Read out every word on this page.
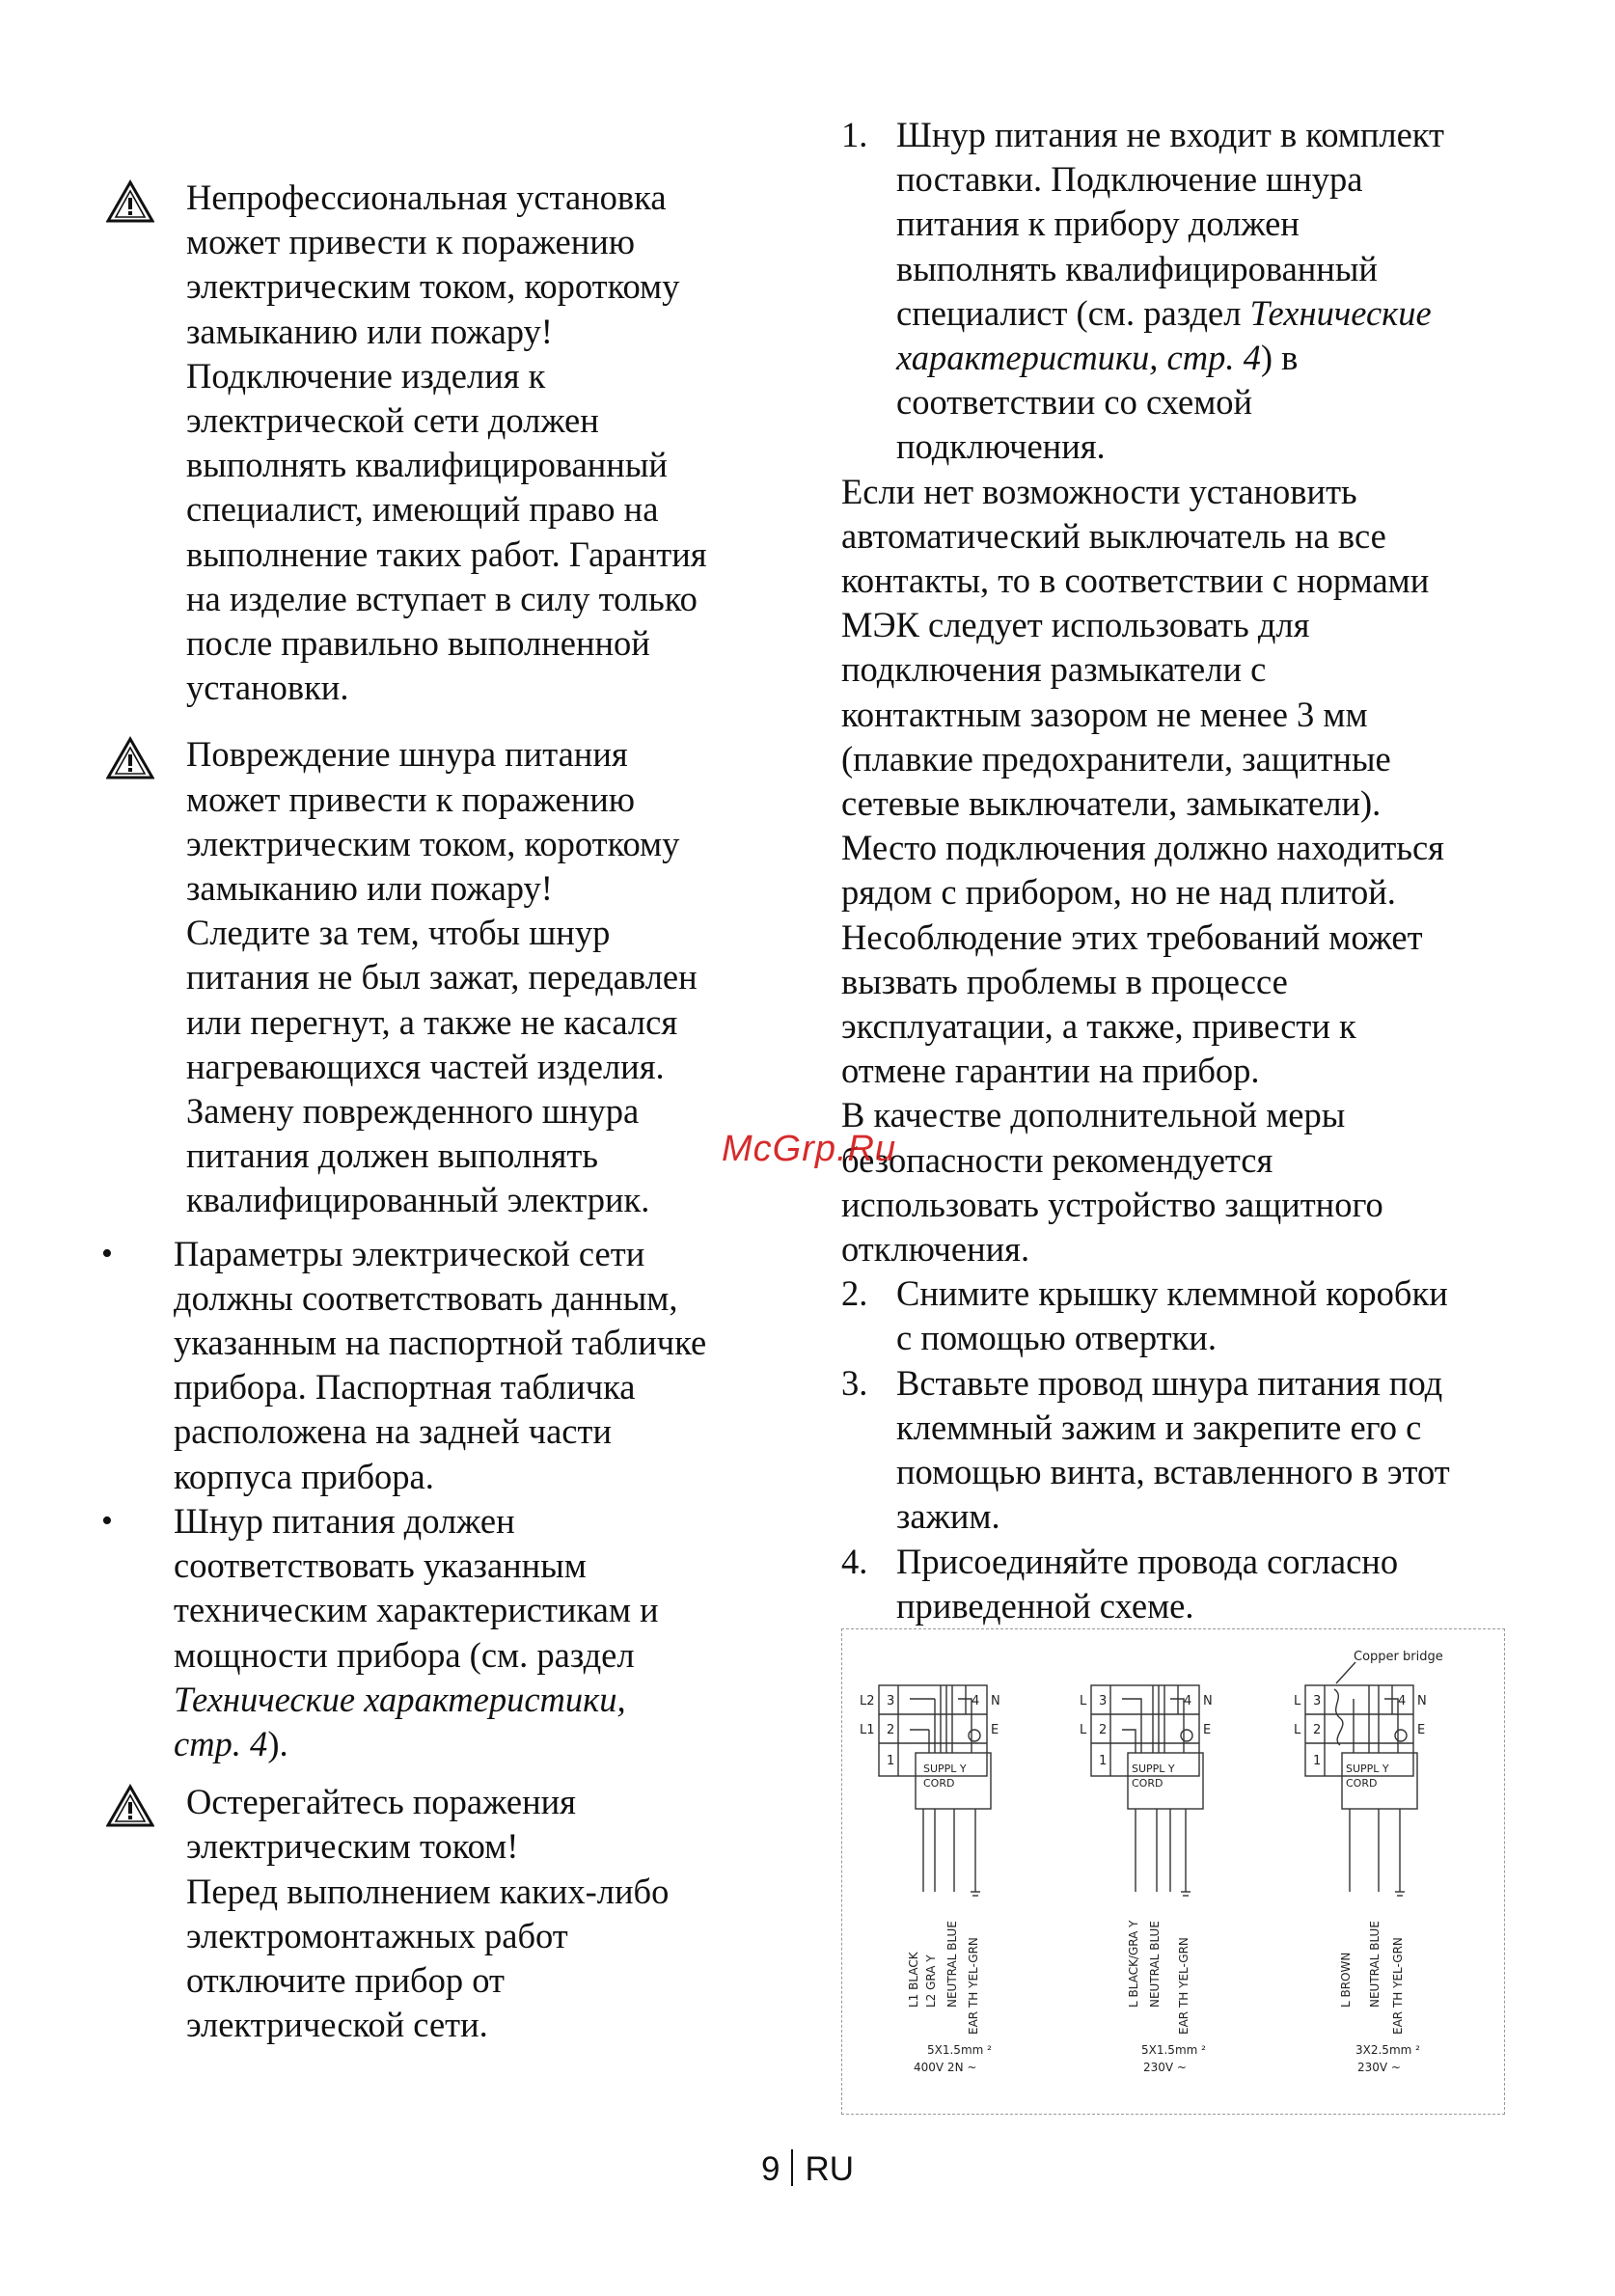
Непрофессиональная установка
может привести к поражению
электрическим током, короткому
замыканию или пожару!
Подключение изделия к
электрической сети должен
выполнять квалифицированный
специалист, имеющий право на
выполнение таких работ. Гарантия
на изделие вступает в силу только
после правильно выполненной
установки.
Повреждение шнура питания
может привести к поражению
электрическим током, короткому
замыканию или пожару!
Следите за тем, чтобы шнур
питания не был зажат, передавлен
или перегнут, а также не касался
нагревающихся частей изделия.
Замену поврежденного шнура
питания должен выполнять
квалифицированный электрик.
•	Параметры электрической сети
должны соответствовать данным,
указанным на паспортной табличке
прибора. Паспортная табличка
расположена на задней части
корпуса прибора.
•	Шнур питания должен
соответствовать указанным
техническим характеристикам и
мощности прибора (см. раздел
Технические характеристики,
стр. 4).
Остерегайтесь поражения
электрическим током!
Перед выполнением каких-либо
электромонтажных работ
отключите прибор от
электрической сети.
1. Шнур питания не входит в комплект
поставки. Подключение шнура
питания к прибору должен
выполнять квалифицированный
специалист (см. раздел Технические
характеристики, стр. 4) в
соответствии со схемой
подключения.
Если нет возможности установить
автоматический выключатель на все
контакты, то в соответствии с нормами
МЭК следует использовать для
подключения размыкатели с
контактным зазором не менее 3 мм
(плавкие предохранители, защитные
сетевые выключатели, замыкатели).
Место подключения должно находиться
рядом с прибором, но не над плитой.
Несоблюдение этих требований может
вызвать проблемы в процессе
эксплуатации, а также, привести к
отмене гарантии на прибор.
В качестве дополнительной меры
безопасности рекомендуется
использовать устройство защитного
отключения.
2. Снимите крышку клеммной коробки
с помощью отвертки.
3. Вставьте провод шнура питания под
клеммный зажим и закрепите его с
помощью винта, вставленного в этот
зажим.
4. Присоединяйте провода согласно
приведенной схеме.
Copper bridge
L2
L1
3
2
1
4 N
E
SUPPL Y
CORD
5X1.5mm ²
400V 2N ~
L
L
3
2
1
4 N
E
SUPPL Y
CORD
5X1.5mm ²
230V ~
L
L
3
2
1
4 N
E
SUPPL Y
CORD
3X2.5mm ²
230V ~
L1 BLACK L2 GRA Y NEUTRAL BLUE EAR TH YEL-GRN	L BLACK/GRA Y NEUTRAL BLUE EAR TH YEL-GRN	L BROWN NEUTRAL BLUE EAR TH YEL-GRN
McGrp.Ru
9 RU
